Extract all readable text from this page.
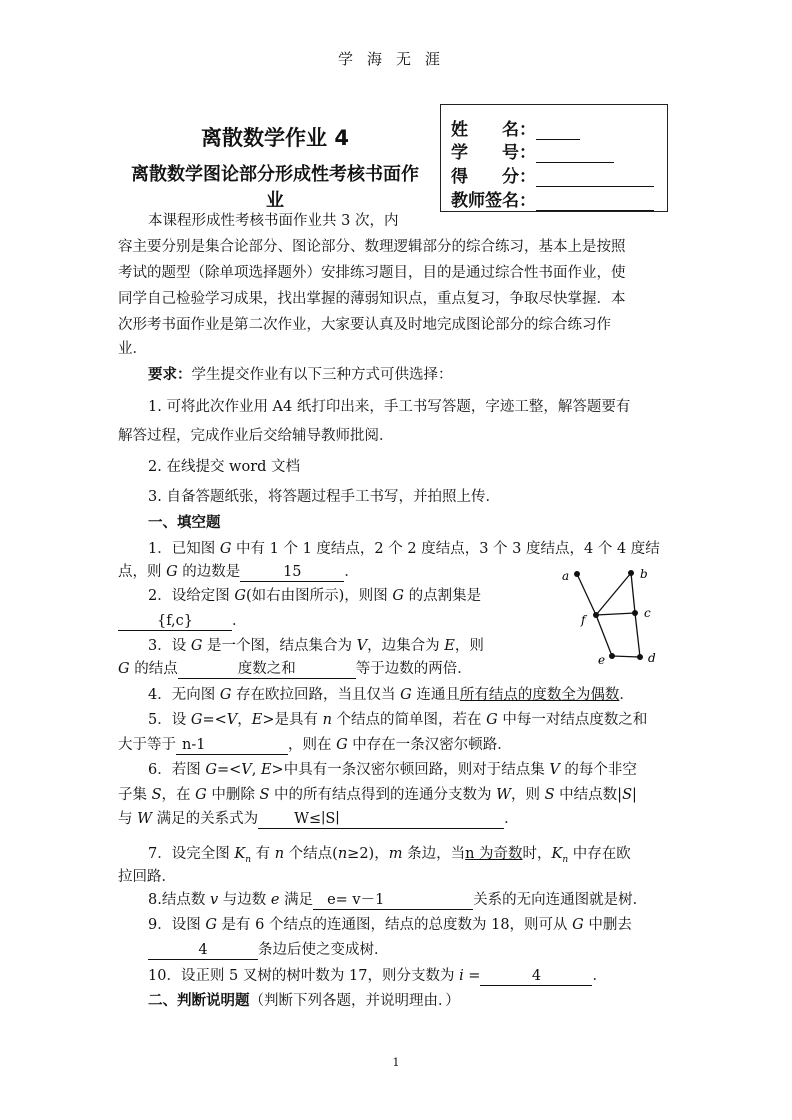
学海无涯
离散数学作业 4
离散数学图论部分形成性考核书面作
业
姓　　名：
学　　号：
得　　分：
教师签名：
本课程形成性考核书面作业共 3 次，内
容主要分别是集合论部分、图论部分、数理逻辑部分的综合练习，基本上是按照
考试的题型（除单项选择题外）安排练习题目，目的是通过综合性书面作业，使
同学自己检验学习成果，找出掌握的薄弱知识点，重点复习，争取尽快掌握．本
次形考书面作业是第二次作业，大家要认真及时地完成图论部分的综合练习作
业．
要求：学生提交作业有以下三种方式可供选择：
1. 可将此次作业用 A4 纸打印出来，手工书写答题，字迹工整，解答题要有
解答过程，完成作业后交给辅导教师批阅．
2. 在线提交 word 文档
3. 自备答题纸张，将答题过程手工书写，并拍照上传．
一、填空题
1．已知图 G 中有 1 个 1 度结点，2 个 2 度结点，3 个 3 度结点，4 个 4 度结
点，则 G 的边数是	15	．
2．设给定图 G(如右由图所示)，则图 G 的点割集是
{f,c}	．
3．设 G 是一个图，结点集合为 V，边集合为 E，则
G 的结点	度数之和	等于边数的两倍．
a	b
c
d
e
f
4．无向图 G 存在欧拉回路，当且仅当 G 连通且所有结点的度数全为偶数．
5．设 G=<V，E>是具有 n 个结点的简单图，若在 G 中每一对结点度数之和
大于等于 n-1	，则在 G 中存在一条汉密尔顿路．
6．若图 G=<V, E>中具有一条汉密尔顿回路，则对于结点集 V 的每个非空
子集 S，在 G 中删除 S 中的所有结点得到的连通分支数为 W，则 S 中结点数|S|
与 W 满足的关系式为 W≤∣S∣	．
7．设完全图 $K_n$ 有 n 个结点(n≥2)，m 条边，当n 为奇数时，$K_n$ 中存在欧
拉回路．
8.结点数 v 与边数 e 满足 e= v－1	关系的无向连通图就是树．
9．设图 G 是有 6 个结点的连通图，结点的总度数为 18，则可从 G 中删去
4	条边后使之变成树．
10．设正则 5 叉树的树叶数为 17，则分支数为 i =	4	．
二、判断说明题（判断下列各题，并说明理由．）
1
